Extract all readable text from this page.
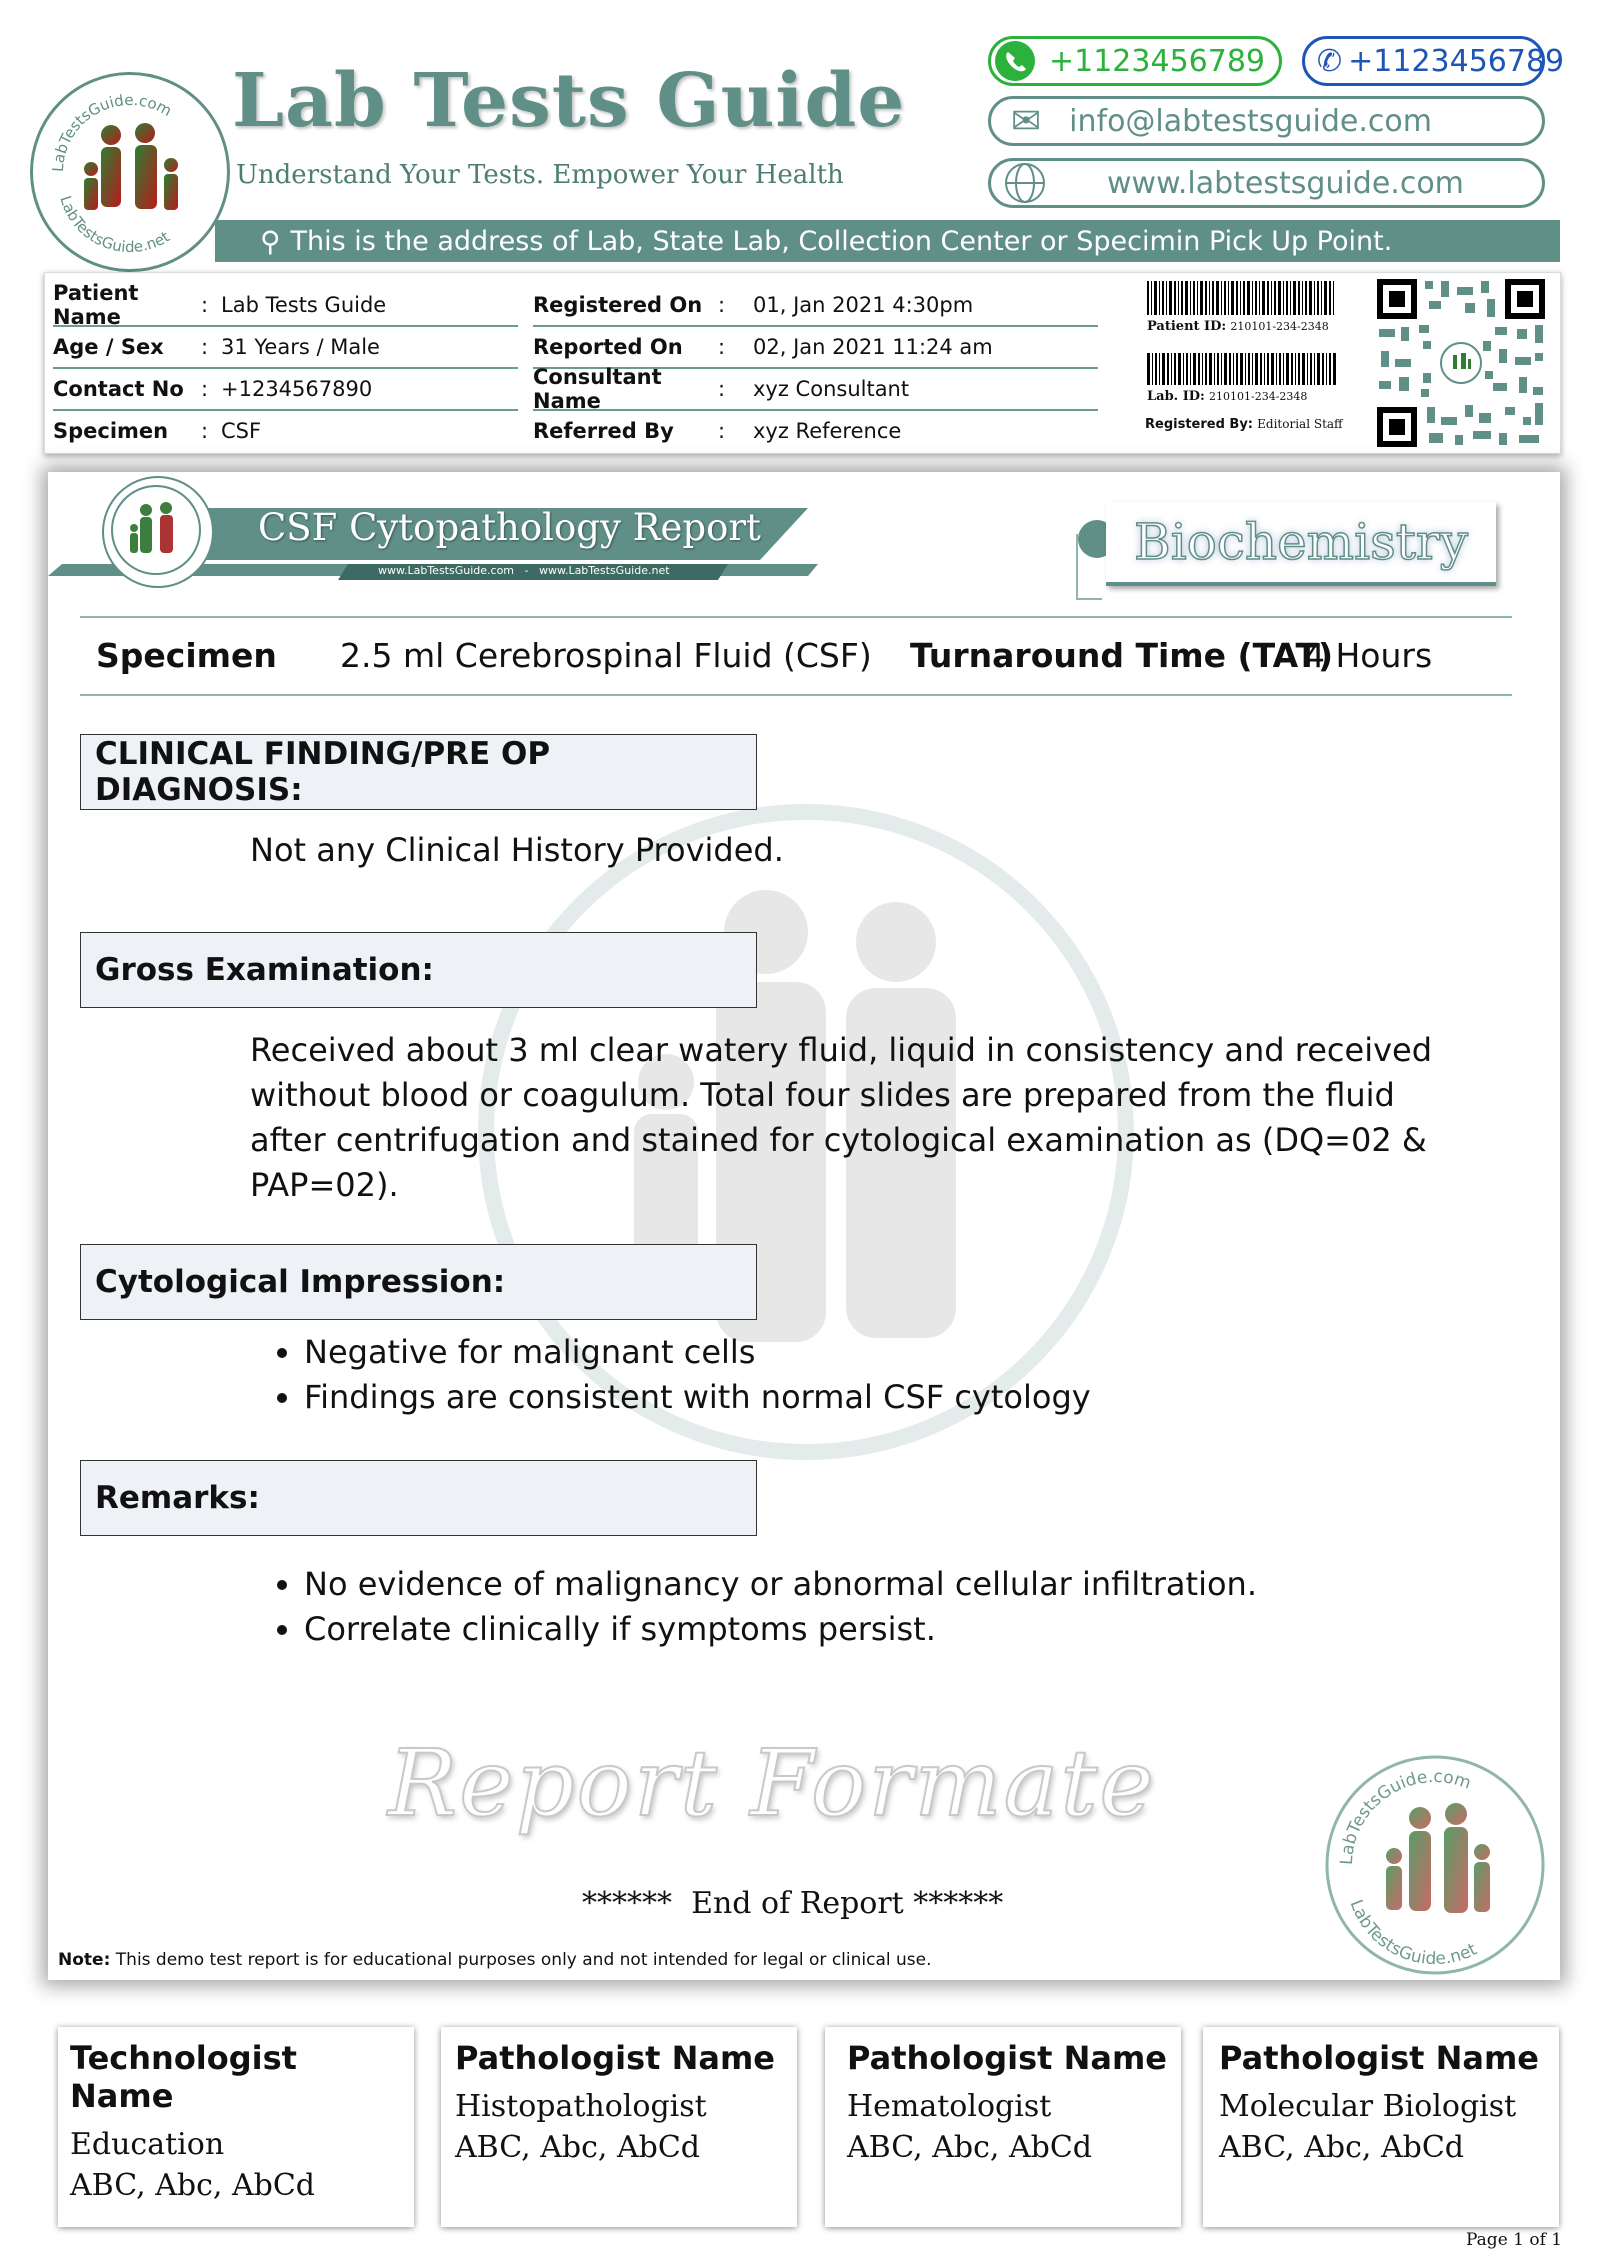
LabTestsGuide.com
LabTestsGuide.net
Lab Tests Guide
Understand Your Tests. Empower Your Health
+1123456789 ✆ +1123456789
✉ info@labtestsguide.com
www.labtestsguide.com
⚲ This is the address of Lab, State Lab, Collection Center or Specimin Pick Up Point.
Patient Name	: Lab Tests Guide
Age / Sex	: 31 Years / Male
Contact No : +1234567890
Specimen	: CSF
Registered On :	01, Jan 2021 4:30pm
Reported On	:	02, Jan 2021 11:24 am
Consultant Name	:	xyz Consultant
Referred By	:	xyz Reference
Patient ID: 210101-234-2348
Lab. ID: 210101-234-2348
Registered By: Editorial Staff
CSF Cytopathology Report
www.LabTestsGuide.com   -   www.LabTestsGuide.net	Biochemistry
Specimen 2.5 ml Cerebrospinal Fluid (CSF) Turnaround Time (TAT)
4 Hours
CLINICAL FINDING/PRE OP DIAGNOSIS:
Not any Clinical History Provided.
Gross Examination:
Received about 3 ml clear watery fluid, liquid in consistency and received
without blood or coagulum. Total four slides are prepared from the fluid
after centrifugation and stained for cytological examination as (DQ=02 &
PAP=02).
Cytological Impression:
• Negative for malignant cells
• Findings are consistent with normal CSF cytology
Remarks:
• No evidence of malignancy or abnormal cellular infiltration.
• Correlate clinically if symptoms persist.
Report Formate
LabTestsGuide.com
LabTestsGuide.net
******  End of Report ******
Note: This demo test report is for educational purposes only and not intended for legal or clinical use.
Technologist Name
Education
ABC, Abc, AbCd
Pathologist Name
Histopathologist
ABC, Abc, AbCd
Pathologist Name
Hematologist
ABC, Abc, AbCd
Pathologist Name
Molecular Biologist
ABC, Abc, AbCd
Page 1 of 1
